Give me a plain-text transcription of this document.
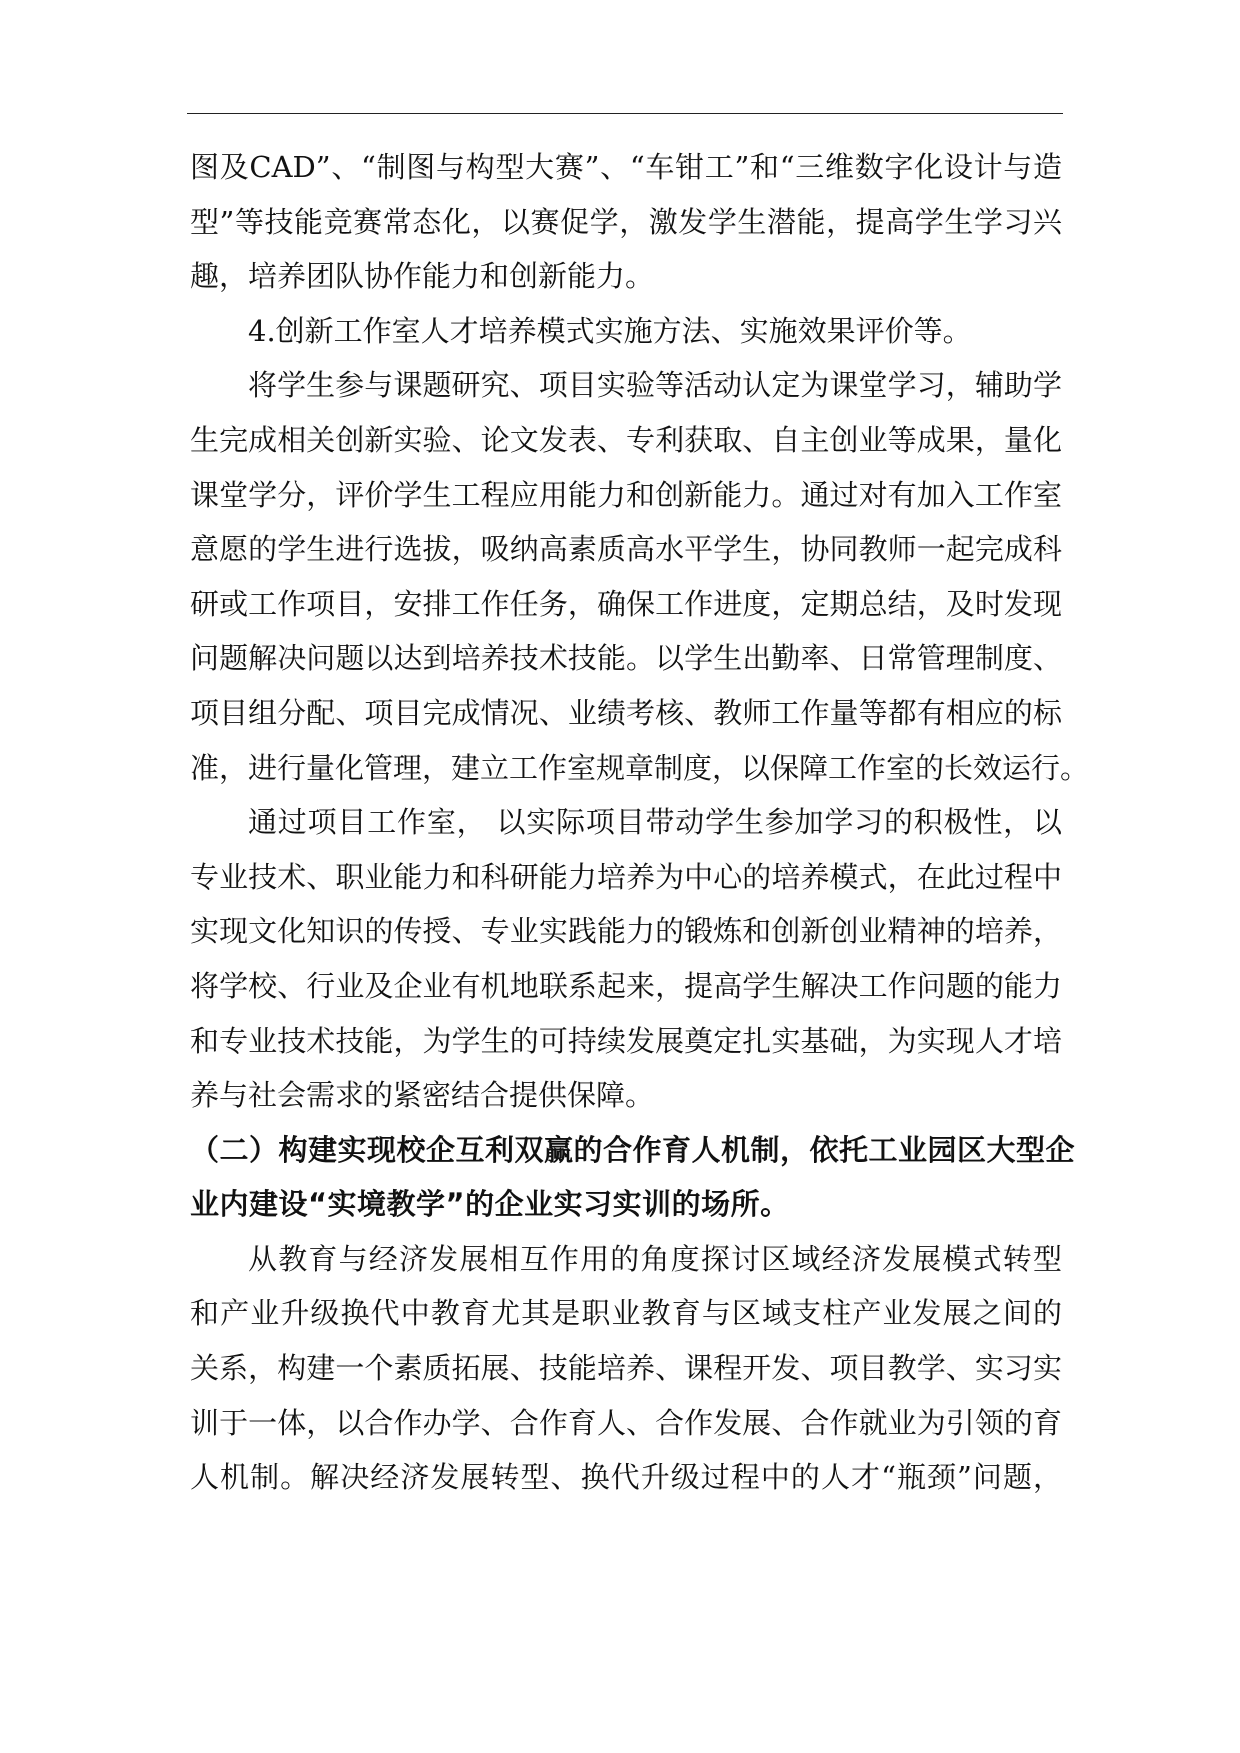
图及CAD”、“制图与构型大赛”、“车钳工”和“三维数字化设计与造
型”等技能竞赛常态化，以赛促学，激发学生潜能，提高学生学习兴
趣，培养团队协作能力和创新能力。
4.创新工作室人才培养模式实施方法、实施效果评价等。
将学生参与课题研究、项目实验等活动认定为课堂学习，辅助学
生完成相关创新实验、论文发表、专利获取、自主创业等成果，量化
课堂学分，评价学生工程应用能力和创新能力。通过对有加入工作室
意愿的学生进行选拔，吸纳高素质高水平学生，协同教师一起完成科
研或工作项目，安排工作任务，确保工作进度，定期总结，及时发现
问题解决问题以达到培养技术技能。以学生出勤率、日常管理制度、
项目组分配、项目完成情况、业绩考核、教师工作量等都有相应的标
准，进行量化管理，建立工作室规章制度，以保障工作室的长效运行。
通过项目工作室， 以实际项目带动学生参加学习的积极性，以
专业技术、职业能力和科研能力培养为中心的培养模式，在此过程中
实现文化知识的传授、专业实践能力的锻炼和创新创业精神的培养，
将学校、行业及企业有机地联系起来，提高学生解决工作问题的能力
和专业技术技能，为学生的可持续发展奠定扎实基础，为实现人才培
养与社会需求的紧密结合提供保障。
（二）构建实现校企互利双赢的合作育人机制，依托工业园区大型企
业内建设“实境教学”的企业实习实训的场所。
从教育与经济发展相互作用的角度探讨区域经济发展模式转型
和产业升级换代中教育尤其是职业教育与区域支柱产业发展之间的
关系，构建一个素质拓展、技能培养、课程开发、项目教学、实习实
训于一体，以合作办学、合作育人、合作发展、合作就业为引领的育
人机制。解决经济发展转型、换代升级过程中的人才“瓶颈”问题，
